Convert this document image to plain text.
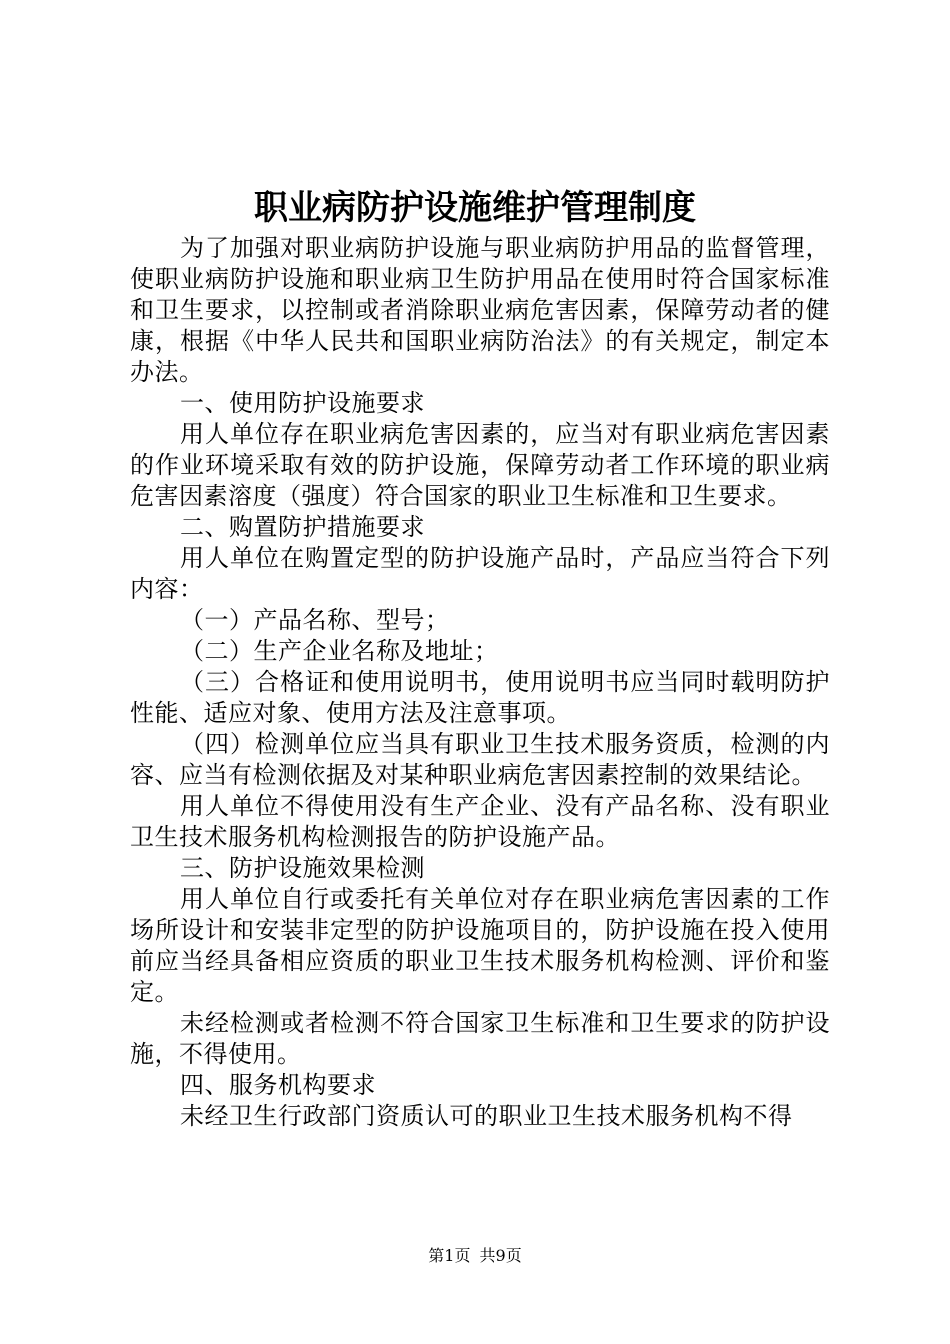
职业病防护设施维护管理制度

为了加强对职业病防护设施与职业病防护用品的监督管理，使职业病防护设施和职业病卫生防护用品在使用时符合国家标准和卫生要求，以控制或者消除职业病危害因素，保障劳动者的健康，根据《中华人民共和国职业病防治法》的有关规定，制定本办法。

一、使用防护设施要求

用人单位存在职业病危害因素的，应当对有职业病危害因素的作业环境采取有效的防护设施，保障劳动者工作环境的职业病危害因素溶度（强度）符合国家的职业卫生标准和卫生要求。

二、购置防护措施要求

用人单位在购置定型的防护设施产品时，产品应当符合下列内容：

（一）产品名称、型号；

（二）生产企业名称及地址；

（三）合格证和使用说明书，使用说明书应当同时载明防护性能、适应对象、使用方法及注意事项。

（四）检测单位应当具有职业卫生技术服务资质，检测的内容、应当有检测依据及对某种职业病危害因素控制的效果结论。

用人单位不得使用没有生产企业、没有产品名称、没有职业卫生技术服务机构检测报告的防护设施产品。

三、防护设施效果检测

用人单位自行或委托有关单位对存在职业病危害因素的工作场所设计和安装非定型的防护设施项目的，防护设施在投入使用前应当经具备相应资质的职业卫生技术服务机构检测、评价和鉴定。

未经检测或者检测不符合国家卫生标准和卫生要求的防护设施，不得使用。

四、服务机构要求

未经卫生行政部门资质认可的职业卫生技术服务机构不得

第1页 共9页
